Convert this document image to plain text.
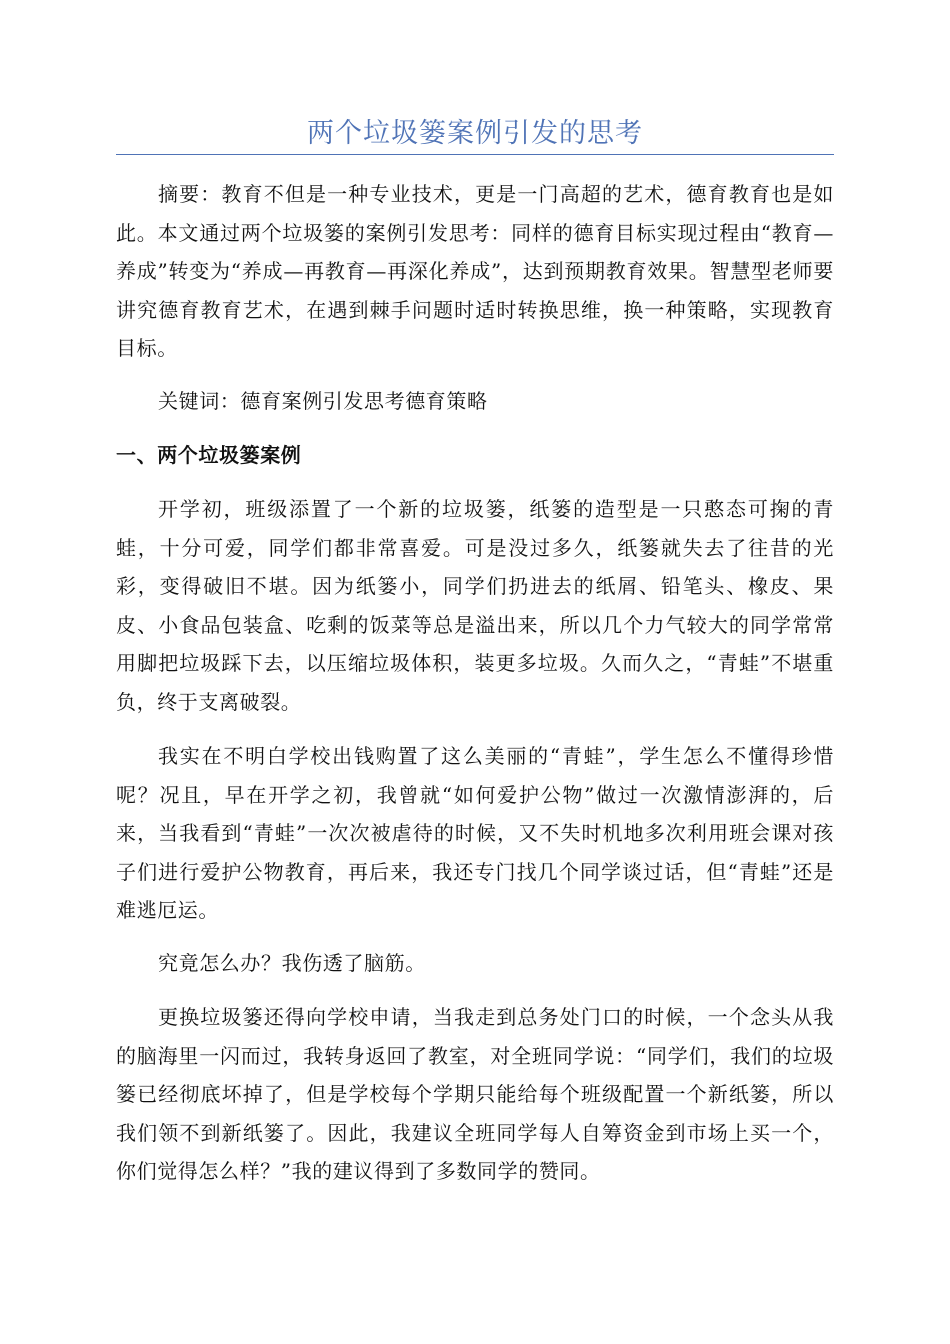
两个垃圾篓案例引发的思考

摘要：教育不但是一种专业技术，更是一门高超的艺术，德育教育也是如此。本文通过两个垃圾篓的案例引发思考：同样的德育目标实现过程由“教育—养成”转变为“养成—再教育—再深化养成”，达到预期教育效果。智慧型老师要讲究德育教育艺术，在遇到棘手问题时适时转换思维，换一种策略，实现教育目标。

关键词：德育案例引发思考德育策略

一、两个垃圾篓案例

开学初，班级添置了一个新的垃圾篓，纸篓的造型是一只憨态可掬的青蛙，十分可爱，同学们都非常喜爱。可是没过多久，纸篓就失去了往昔的光彩，变得破旧不堪。因为纸篓小，同学们扔进去的纸屑、铅笔头、橡皮、果皮、小食品包装盒、吃剩的饭菜等总是溢出来，所以几个力气较大的同学常常用脚把垃圾踩下去，以压缩垃圾体积，装更多垃圾。久而久之，“青蛙”不堪重负，终于支离破裂。

我实在不明白学校出钱购置了这么美丽的“青蛙”，学生怎么不懂得珍惜呢？况且，早在开学之初，我曾就“如何爱护公物”做过一次激情澎湃的，后来，当我看到“青蛙”一次次被虐待的时候，又不失时机地多次利用班会课对孩子们进行爱护公物教育，再后来，我还专门找几个同学谈过话，但“青蛙”还是难逃厄运。

究竟怎么办？我伤透了脑筋。

更换垃圾篓还得向学校申请，当我走到总务处门口的时候，一个念头从我的脑海里一闪而过，我转身返回了教室，对全班同学说：“同学们，我们的垃圾篓已经彻底坏掉了，但是学校每个学期只能给每个班级配置一个新纸篓，所以我们领不到新纸篓了。因此，我建议全班同学每人自筹资金到市场上买一个，你们觉得怎么样？”我的建议得到了多数同学的赞同。
